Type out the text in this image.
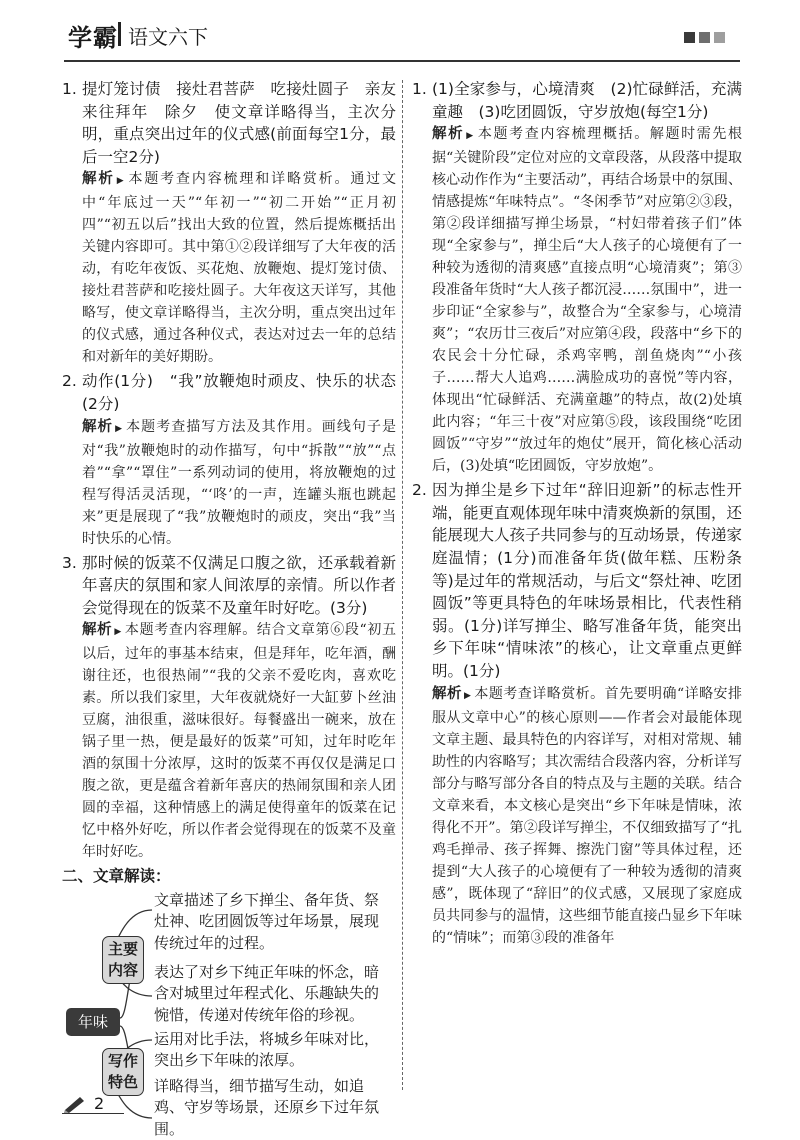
学霸 语文六下
1. 提灯笼讨债　接灶君菩萨　吃接灶圆子　亲友来往拜年　除夕　使文章详略得当，主次分明，重点突出过年的仪式感(前面每空1分，最后一空2分)
解析 ▶ 本题考查内容梳理和详略赏析。通过文中“年底过一天”“年初一”“初二开始”“正月初四”“初五以后”找出大致的位置，然后提炼概括出关键内容即可。其中第①②段详细写了大年夜的活动，有吃年夜饭、买花炮、放鞭炮、提灯笼讨债、接灶君菩萨和吃接灶圆子。大年夜这天详写，其他略写，使文章详略得当，主次分明，重点突出过年的仪式感，通过各种仪式，表达对过去一年的总结和对新年的美好期盼。
2. 动作(1分)　“我”放鞭炮时顽皮、快乐的状态(2分)
解析 ▶ 本题考查描写方法及其作用。画线句子是对“我”放鞭炮时的动作描写，句中“拆散”“放”“点着”“拿”“罩住”一系列动词的使用，将放鞭炮的过程写得活灵活现，“‘咚’的一声，连罐头瓶也跳起来”更是展现了“我”放鞭炮时的顽皮，突出“我”当时快乐的心情。
3. 那时候的饭菜不仅满足口腹之欲，还承载着新年喜庆的氛围和家人间浓厚的亲情。所以作者会觉得现在的饭菜不及童年时好吃。(3分)
解析 ▶ 本题考查内容理解。结合文章第⑥段“初五以后，过年的事基本结束，但是拜年，吃年酒，酬谢往还，也很热闹”“我的父亲不爱吃肉，喜欢吃素。所以我们家里，大年夜就烧好一大缸萝卜丝油豆腐，油很重，滋味很好。每餐盛出一碗来，放在锅子里一热，便是最好的饭菜”可知，过年时吃年酒的氛围十分浓厚，这时的饭菜不再仅仅是满足口腹之欲，更是蕴含着新年喜庆的热闹氛围和亲人团圆的幸福，这种情感上的满足使得童年的饭菜在记忆中格外好吃，所以作者会觉得现在的饭菜不及童年时好吃。
二、文章解读：
年味
主要
内容
写作
特色
文章描述了乡下掸尘、备年货、祭灶神、吃团圆饭等过年场景，展现传统过年的过程。
表达了对乡下纯正年味的怀念，暗含对城里过年程式化、乐趣缺失的惋惜，传递对传统年俗的珍视。
运用对比手法，将城乡年味对比，突出乡下年味的浓厚。
详略得当，细节描写生动，如追鸡、守岁等场景，还原乡下过年氛围。
1. (1)全家参与，心境清爽　(2)忙碌鲜活，充满童趣　(3)吃团圆饭，守岁放炮(每空1分)
解析 ▶ 本题考查内容梳理概括。解题时需先根据“关键阶段”定位对应的文章段落，从段落中提取核心动作作为“主要活动”，再结合场景中的氛围、情感提炼“年味特点”。“冬闲季节”对应第②③段，第②段详细描写掸尘场景，“村妇带着孩子们”体现“全家参与”，掸尘后“大人孩子的心境便有了一种较为透彻的清爽感”直接点明“心境清爽”；第③段准备年货时“大人孩子都沉浸……氛围中”，进一步印证“全家参与”，故整合为“全家参与，心境清爽”；“农历廿三夜后”对应第④段，段落中“乡下的农民会十分忙碌，杀鸡宰鸭，剖鱼烧肉”“小孩子……帮大人追鸡……满脸成功的喜悦”等内容，体现出“忙碌鲜活、充满童趣”的特点，故(2)处填此内容；“年三十夜”对应第⑤段，该段围绕“吃团圆饭”“守岁”“放过年的炮仗”展开，简化核心活动后，(3)处填“吃团圆饭，守岁放炮”。
2. 因为掸尘是乡下过年“辞旧迎新”的标志性开端，能更直观体现年味中清爽焕新的氛围，还能展现大人孩子共同参与的互动场景，传递家庭温情；(1分)而准备年货(做年糕、压粉条等)是过年的常规活动，与后文“祭灶神、吃团圆饭”等更具特色的年味场景相比，代表性稍弱。(1分)详写掸尘、略写准备年货，能突出乡下年味“情味浓”的核心，让文章重点更鲜明。(1分)
解析 ▶ 本题考查详略赏析。首先要明确“详略安排服从文章中心”的核心原则——作者会对最能体现文章主题、最具特色的内容详写，对相对常规、辅助性的内容略写；其次需结合段落内容，分析详写部分与略写部分各自的特点及与主题的关联。结合文章来看，本文核心是突出“乡下年味是情味，浓得化不开”。第②段详写掸尘，不仅细致描写了“扎鸡毛掸帚、孩子挥舞、擦洗门窗”等具体过程，还提到“大人孩子的心境便有了一种较为透彻的清爽感”，既体现了“辞旧”的仪式感，又展现了家庭成员共同参与的温情，这些细节能直接凸显乡下年味的“情味”；而第③段的准备年
2
